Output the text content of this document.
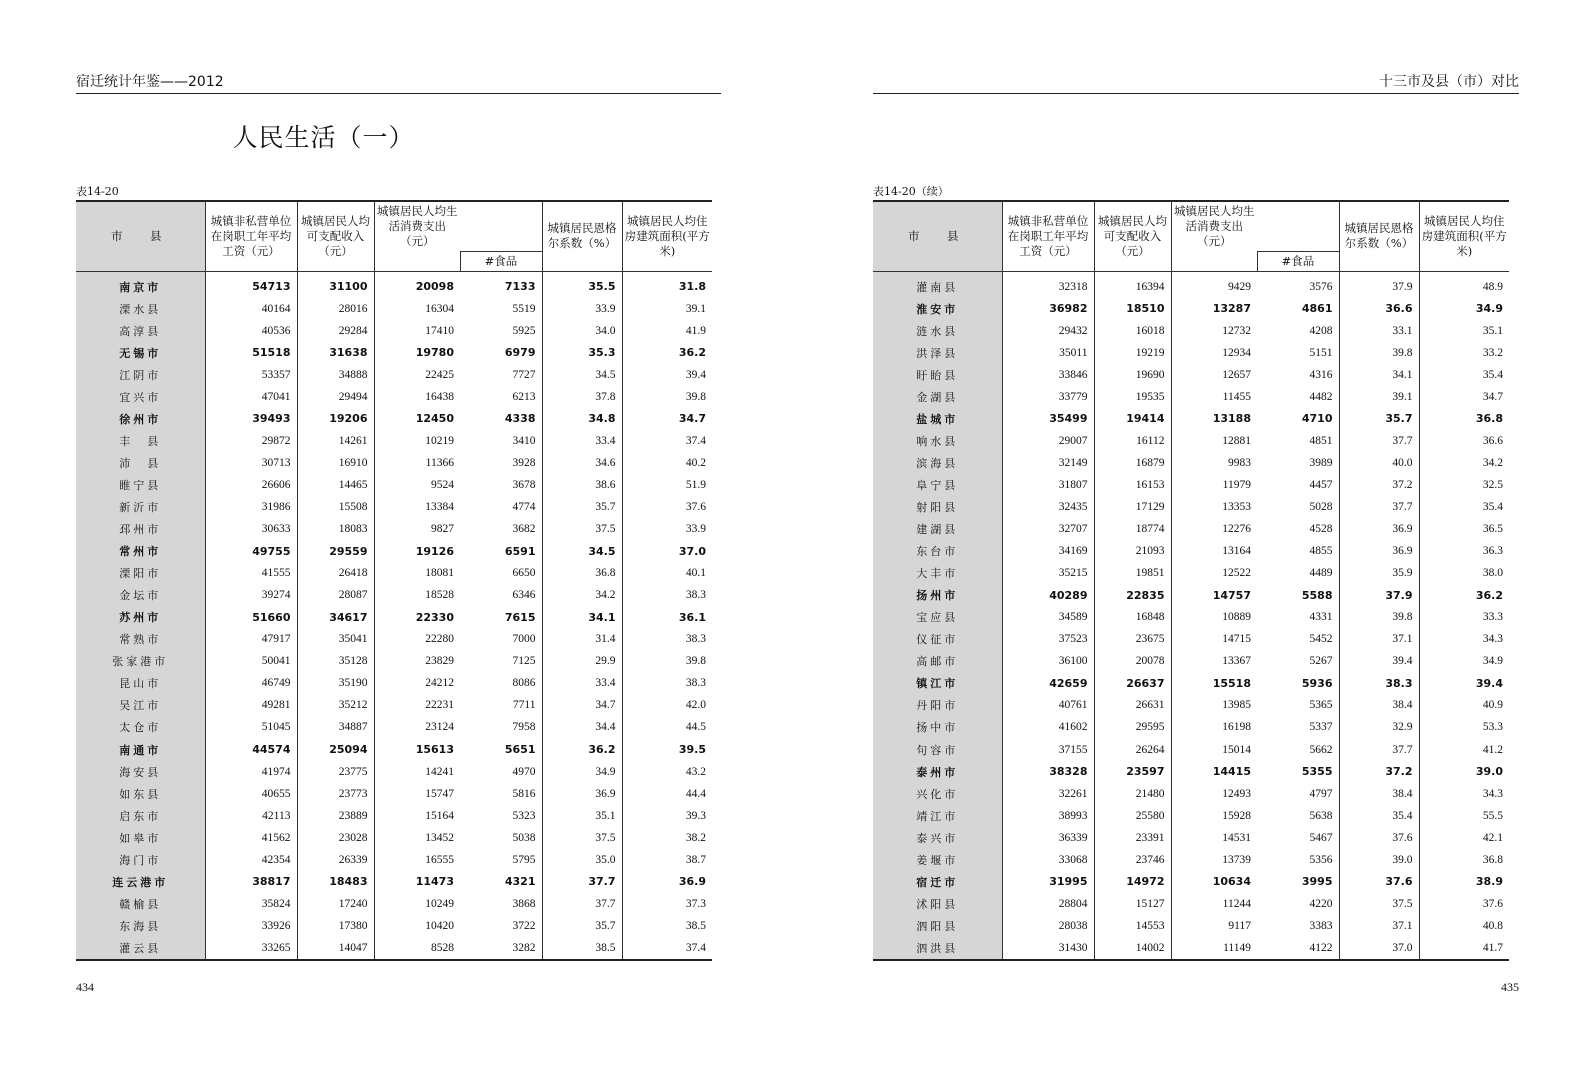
宿迁统计年鉴——2012
人民生活（一）
表14-20
市　县	城镇非私营单位在岗职工年平均工资（元）	城镇居民人均可支配收入（元）	城镇居民人均生活消费支出（元）		城镇居民恩格尔系数（%）	城镇居民人均住房建筑面积(平方米)
				#食品		
南京市	54713	31100	20098	7133	35.5	31.8
溧水县	40164	28016	16304	5519	33.9	39.1
高淳县	40536	29284	17410	5925	34.0	41.9
无锡市	51518	31638	19780	6979	35.3	36.2
江阴市	53357	34888	22425	7727	34.5	39.4
宜兴市	47041	29494	16438	6213	37.8	39.8
徐州市	39493	19206	12450	4338	34.8	34.7
丰　县	29872	14261	10219	3410	33.4	37.4
沛　县	30713	16910	11366	3928	34.6	40.2
睢宁县	26606	14465	9524	3678	38.6	51.9
新沂市	31986	15508	13384	4774	35.7	37.6
邳州市	30633	18083	9827	3682	37.5	33.9
常州市	49755	29559	19126	6591	34.5	37.0
溧阳市	41555	26418	18081	6650	36.8	40.1
金坛市	39274	28087	18528	6346	34.2	38.3
苏州市	51660	34617	22330	7615	34.1	36.1
常熟市	47917	35041	22280	7000	31.4	38.3
张家港市	50041	35128	23829	7125	29.9	39.8
昆山市	46749	35190	24212	8086	33.4	38.3
吴江市	49281	35212	22231	7711	34.7	42.0
太仓市	51045	34887	23124	7958	34.4	44.5
南通市	44574	25094	15613	5651	36.2	39.5
海安县	41974	23775	14241	4970	34.9	43.2
如东县	40655	23773	15747	5816	36.9	44.4
启东市	42113	23889	15164	5323	35.1	39.3
如皋市	41562	23028	13452	5038	37.5	38.2
海门市	42354	26339	16555	5795	35.0	38.7
连云港市	38817	18483	11473	4321	37.7	36.9
赣榆县	35824	17240	10249	3868	37.7	37.3
东海县	33926	17380	10420	3722	35.7	38.5
灌云县	33265	14047	8528	3282	38.5	37.4
434
十三市及县（市）对比
表14-20（续）
市　县	城镇非私营单位在岗职工年平均工资（元）	城镇居民人均可支配收入（元）	城镇居民人均生活消费支出（元）		城镇居民恩格尔系数（%）	城镇居民人均住房建筑面积(平方米)
				#食品		
灌南县	32318	16394	9429	3576	37.9	48.9
淮安市	36982	18510	13287	4861	36.6	34.9
涟水县	29432	16018	12732	4208	33.1	35.1
洪泽县	35011	19219	12934	5151	39.8	33.2
盱眙县	33846	19690	12657	4316	34.1	35.4
金湖县	33779	19535	11455	4482	39.1	34.7
盐城市	35499	19414	13188	4710	35.7	36.8
响水县	29007	16112	12881	4851	37.7	36.6
滨海县	32149	16879	9983	3989	40.0	34.2
阜宁县	31807	16153	11979	4457	37.2	32.5
射阳县	32435	17129	13353	5028	37.7	35.4
建湖县	32707	18774	12276	4528	36.9	36.5
东台市	34169	21093	13164	4855	36.9	36.3
大丰市	35215	19851	12522	4489	35.9	38.0
扬州市	40289	22835	14757	5588	37.9	36.2
宝应县	34589	16848	10889	4331	39.8	33.3
仪征市	37523	23675	14715	5452	37.1	34.3
高邮市	36100	20078	13367	5267	39.4	34.9
镇江市	42659	26637	15518	5936	38.3	39.4
丹阳市	40761	26631	13985	5365	38.4	40.9
扬中市	41602	29595	16198	5337	32.9	53.3
句容市	37155	26264	15014	5662	37.7	41.2
泰州市	38328	23597	14415	5355	37.2	39.0
兴化市	32261	21480	12493	4797	38.4	34.3
靖江市	38993	25580	15928	5638	35.4	55.5
泰兴市	36339	23391	14531	5467	37.6	42.1
姜堰市	33068	23746	13739	5356	39.0	36.8
宿迁市	31995	14972	10634	3995	37.6	38.9
沭阳县	28804	15127	11244	4220	37.5	37.6
泗阳县	28038	14553	9117	3383	37.1	40.8
泗洪县	31430	14002	11149	4122	37.0	41.7
435
